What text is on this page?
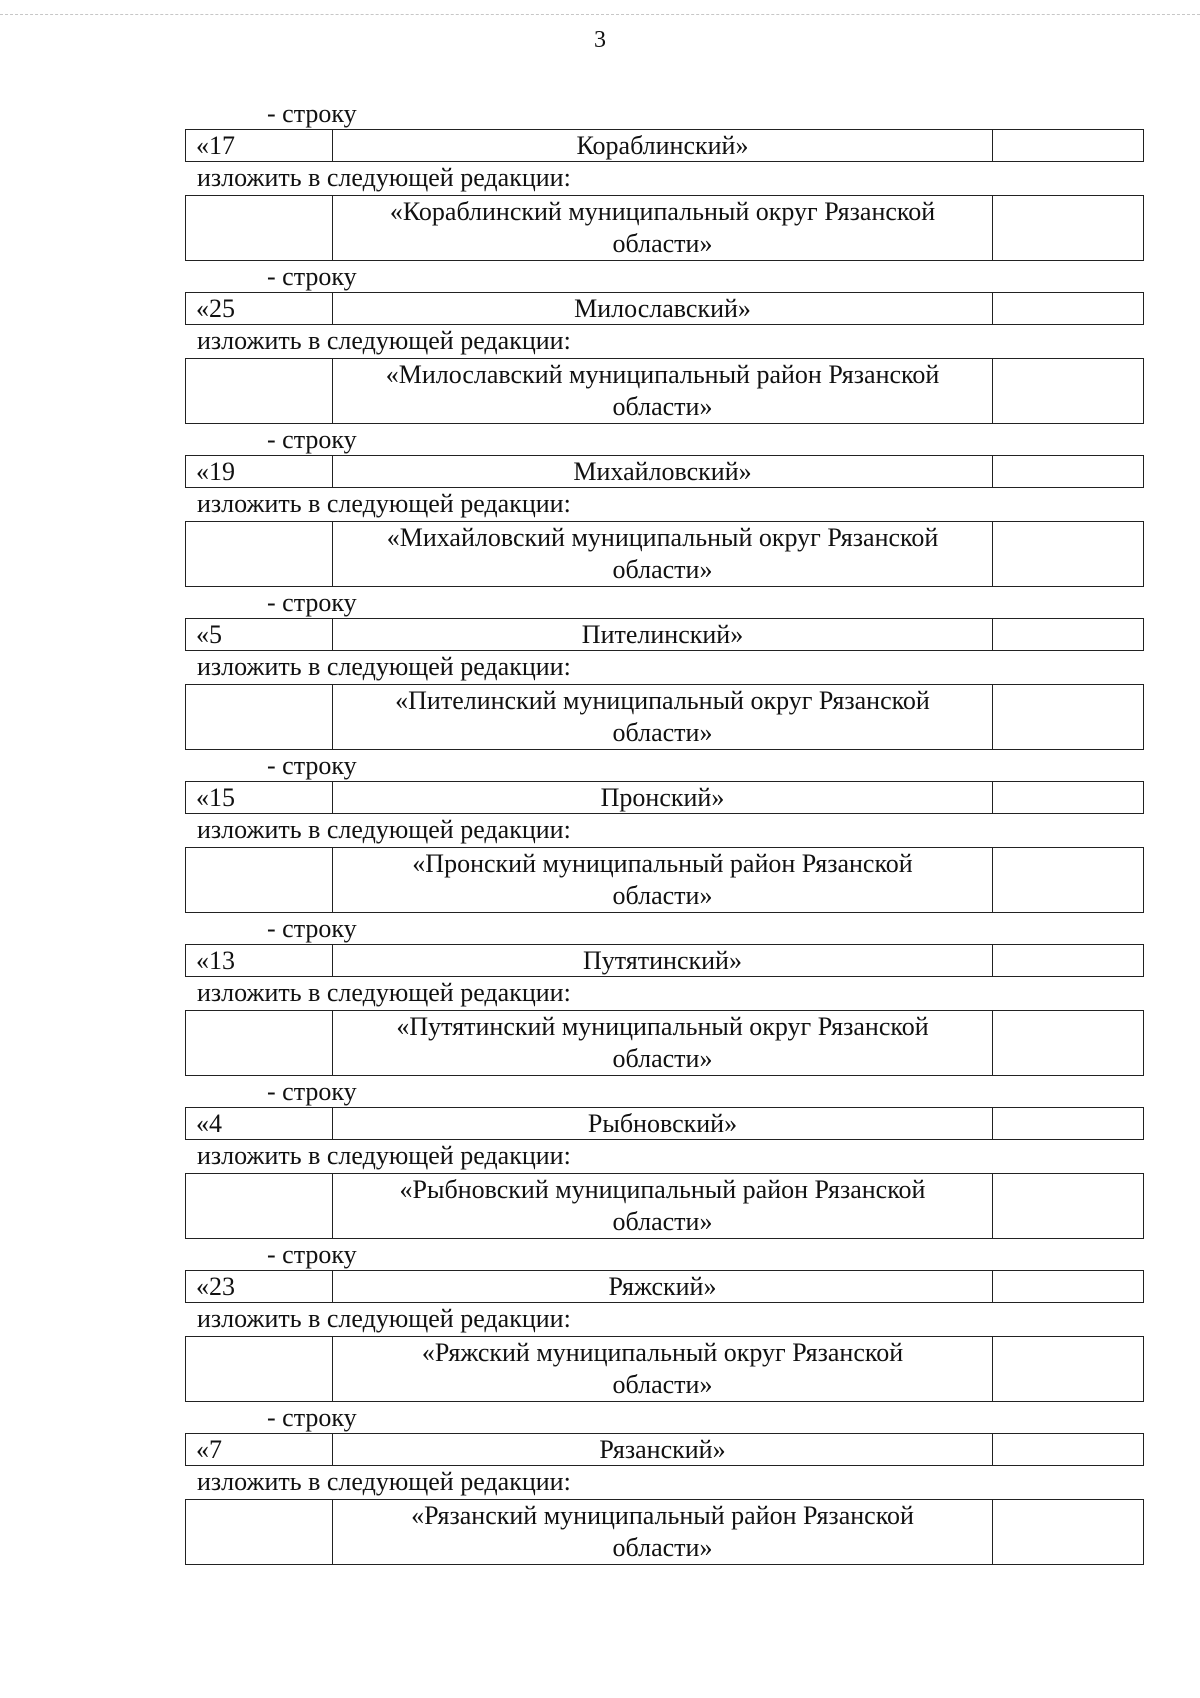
3
- строку
«17	Кораблинский»	
изложить в следующей редакции:
	«Кораблинский муниципальный округ Рязанской
области»	
- строку
«25	Милославский»	
изложить в следующей редакции:
	«Милославский муниципальный район Рязанской
области»	
- строку
«19	Михайловский»	
изложить в следующей редакции:
	«Михайловский муниципальный округ Рязанской
области»	
- строку
«5	Пителинский»	
изложить в следующей редакции:
	«Пителинский муниципальный округ Рязанской
области»	
- строку
«15	Пронский»	
изложить в следующей редакции:
	«Пронский муниципальный район Рязанской
области»	
- строку
«13	Путятинский»	
изложить в следующей редакции:
	«Путятинский муниципальный округ Рязанской
области»	
- строку
«4	Рыбновский»	
изложить в следующей редакции:
	«Рыбновский муниципальный район Рязанской
области»	
- строку
«23	Ряжский»	
изложить в следующей редакции:
	«Ряжский муниципальный округ Рязанской
области»	
- строку
«7	Рязанский»	
изложить в следующей редакции:
	«Рязанский муниципальный район Рязанской
области»	
